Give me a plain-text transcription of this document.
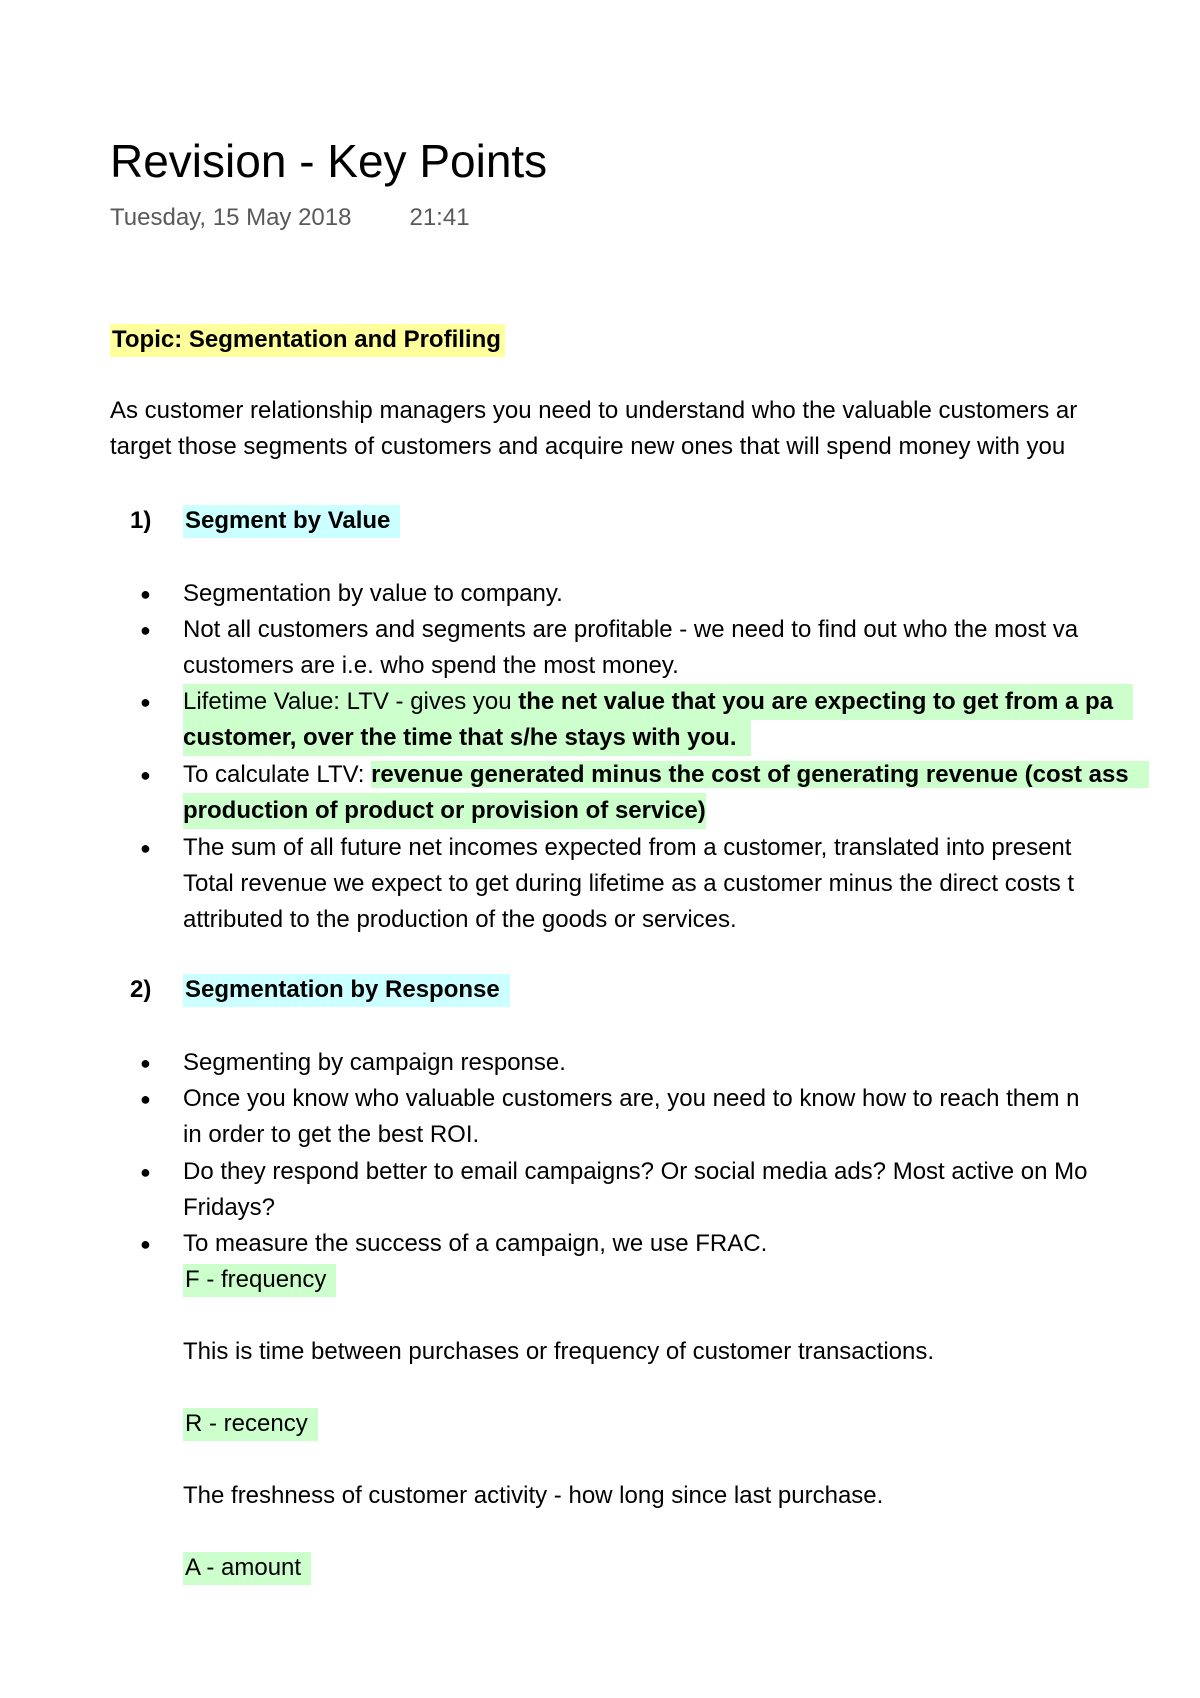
Revision - Key Points
Tuesday, 15 May 2018 21:41
Topic: Segmentation and Profiling
As customer relationship managers you need to understand who the valuable customers ar
target those segments of customers and acquire new ones that will spend money with you
1) Segment by Value
● Segmentation by value to company.
● Not all customers and segments are profitable - we need to find out who the most va
customers are i.e. who spend the most money.
● Lifetime Value: LTV - gives you the net value that you are expecting to get from a pa
customer, over the time that s/he stays with you.
● To calculate LTV: revenue generated minus the cost of generating revenue (cost ass
production of product or provision of service)
● The sum of all future net incomes expected from a customer, translated into present
Total revenue we expect to get during lifetime as a customer minus the direct costs t
attributed to the production of the goods or services.
2) Segmentation by Response
● Segmenting by campaign response.
● Once you know who valuable customers are, you need to know how to reach them n
in order to get the best ROI.
● Do they respond better to email campaigns? Or social media ads? Most active on Mo
Fridays?
● To measure the success of a campaign, we use FRAC.
F - frequency
This is time between purchases or frequency of customer transactions.
R - recency
The freshness of customer activity - how long since last purchase.
A - amount
